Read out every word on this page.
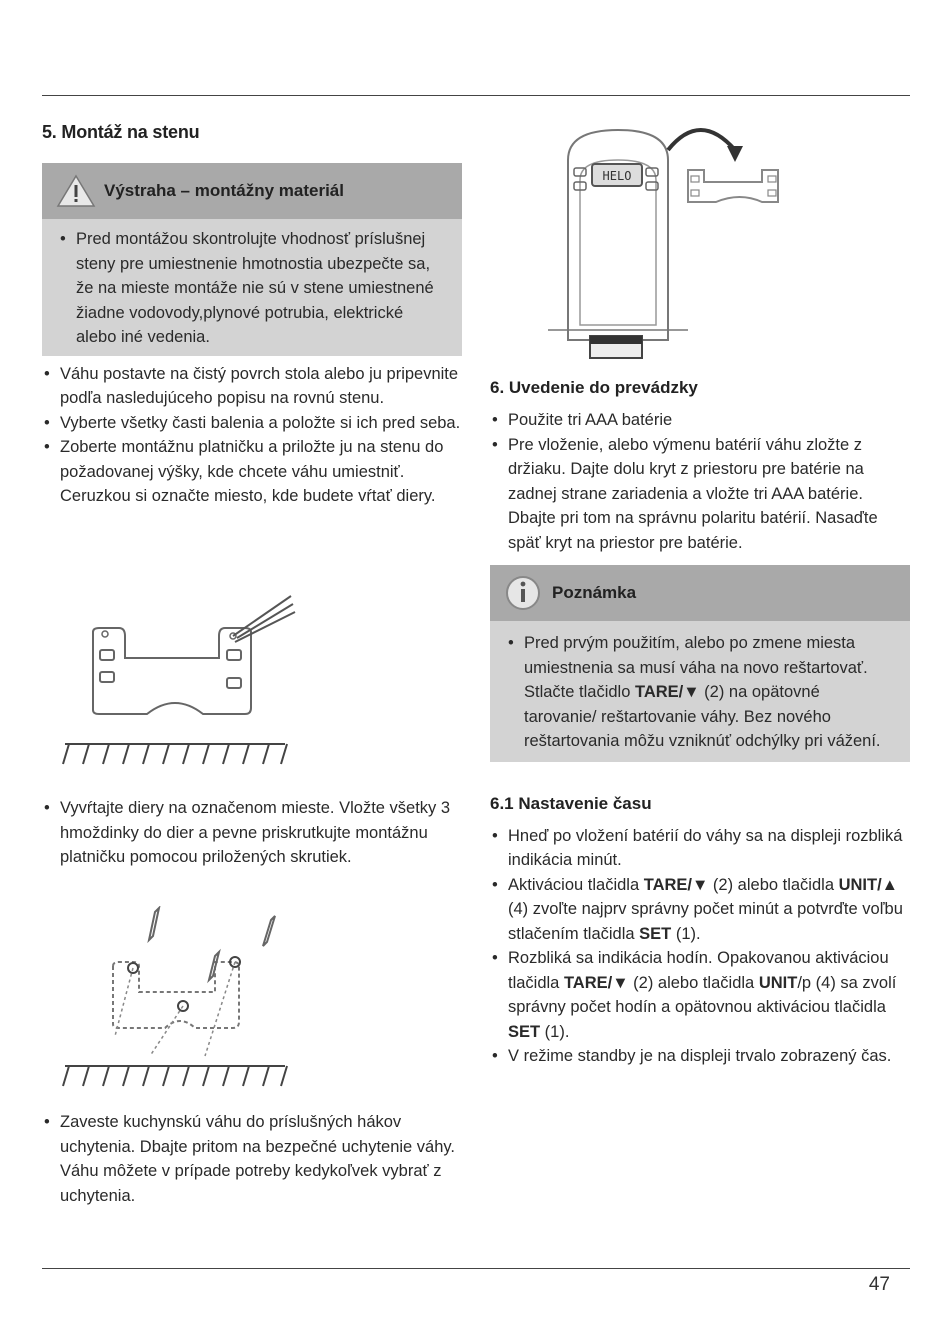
5. Montáž na stenu
Výstraha – montážny materiál
• Pred montážou skontrolujte vhodnosť príslušnej steny pre umiestnenie hmotnostia ubezpečte sa, že na mieste montáže nie sú v stene umiestnené žiadne vodovody,plynové potrubia, elektrické alebo iné vedenia.
• Váhu postavte na čistý povrch stola alebo ju pripevnite podľa nasledujúceho popisu na rovnú stenu.
• Vyberte všetky časti balenia a položte si ich pred seba.
• Zoberte montážnu platničku a priložte ju na stenu do požadovanej výšky, kde chcete váhu umiestniť. Ceruzkou si označte miesto, kde budete vŕtať diery.
• Vyvŕtajte diery na označenom mieste. Vložte všetky 3 hmoždinky do dier a pevne priskrutkujte montážnu platničku pomocou priložených skrutiek.
• Zaveste kuchynskú váhu do príslušných hákov uchytenia. Dbajte pritom na bezpečné uchytenie váhy. Váhu môžete v prípade potreby kedykoľvek vybrať z uchytenia.
HELO
6. Uvedenie do prevádzky
• Použite tri AAA batérie
• Pre vloženie, alebo výmenu batérií váhu zložte z držiaku. Dajte dolu kryt z priestoru pre batérie na zadnej strane zariadenia a vložte tri AAA batérie. Dbajte pri tom na správnu polaritu batérií. Nasaďte späť kryt na priestor pre batérie.
Poznámka
• Pred prvým použitím, alebo po zmene miesta umiestnenia sa musí váha na novo reštartovať. Stlačte tlačidlo TARE/▼ (2) na opätovné tarovanie/ reštartovanie váhy. Bez nového reštartovania môžu vzniknúť odchýlky pri vážení.
6.1 Nastavenie času
• Hneď po vložení batérií do váhy sa na displeji rozbliká indikácia minút.
• Aktiváciou tlačidla TARE/▼ (2) alebo tlačidla UNIT/▲ (4) zvoľte najprv správny počet minút a potvrďte voľbu stlačením tlačidla SET (1).
• Rozbliká sa indikácia hodín. Opakovanou aktiváciou tlačidla TARE/▼ (2) alebo tlačidla UNIT/p (4) sa zvolí správny počet hodín a opätovnou aktiváciou tlačidla SET (1).
• V režime standby je na displeji trvalo zobrazený čas.
47
